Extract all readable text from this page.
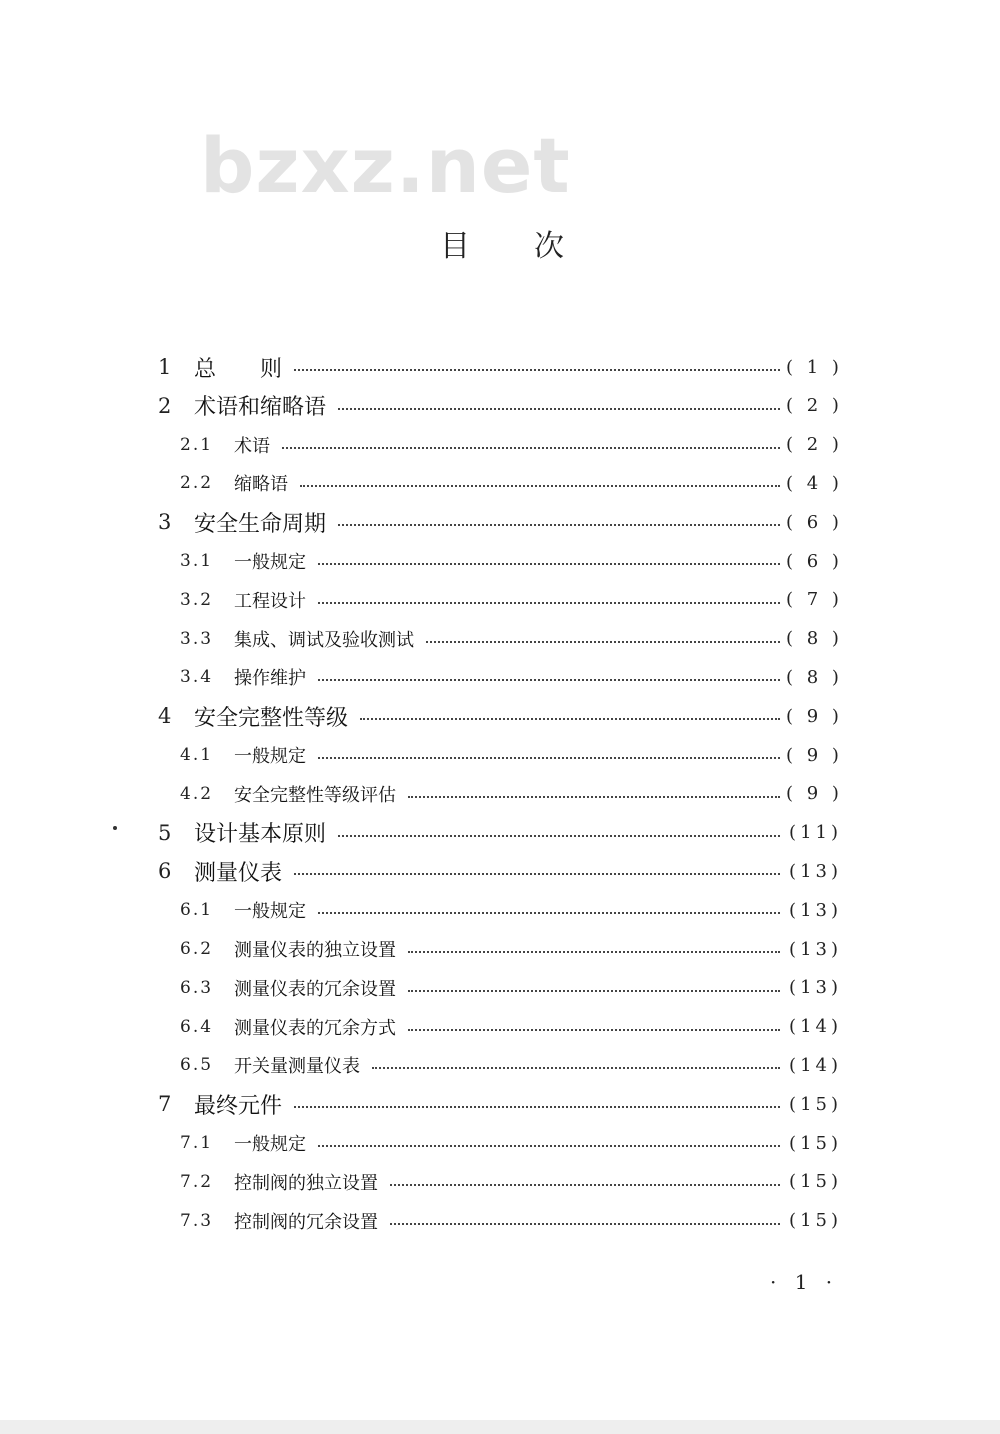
bzxz.net
目次
1 总　　则	( 1 )
2 术语和缩略语	( 2 )
2.1 术语	( 2 )
2.2 缩略语	( 4 )
3 安全生命周期	( 6 )
3.1 一般规定	( 6 )
3.2 工程设计	( 7 )
3.3 集成、调试及验收测试	( 8 )
3.4 操作维护	( 8 )
4 安全完整性等级	( 9 )
4.1 一般规定	( 9 )
4.2 安全完整性等级评估	( 9 )
5 设计基本原则	(11)
6 测量仪表	(13)
6.1 一般规定	(13)
6.2 测量仪表的独立设置	(13)
6.3 测量仪表的冗余设置	(13)
6.4 测量仪表的冗余方式	(14)
6.5 开关量测量仪表	(14)
7 最终元件	(15)
7.1 一般规定	(15)
7.2 控制阀的独立设置	(15)
7.3 控制阀的冗余设置	(15)
· 1 ·
